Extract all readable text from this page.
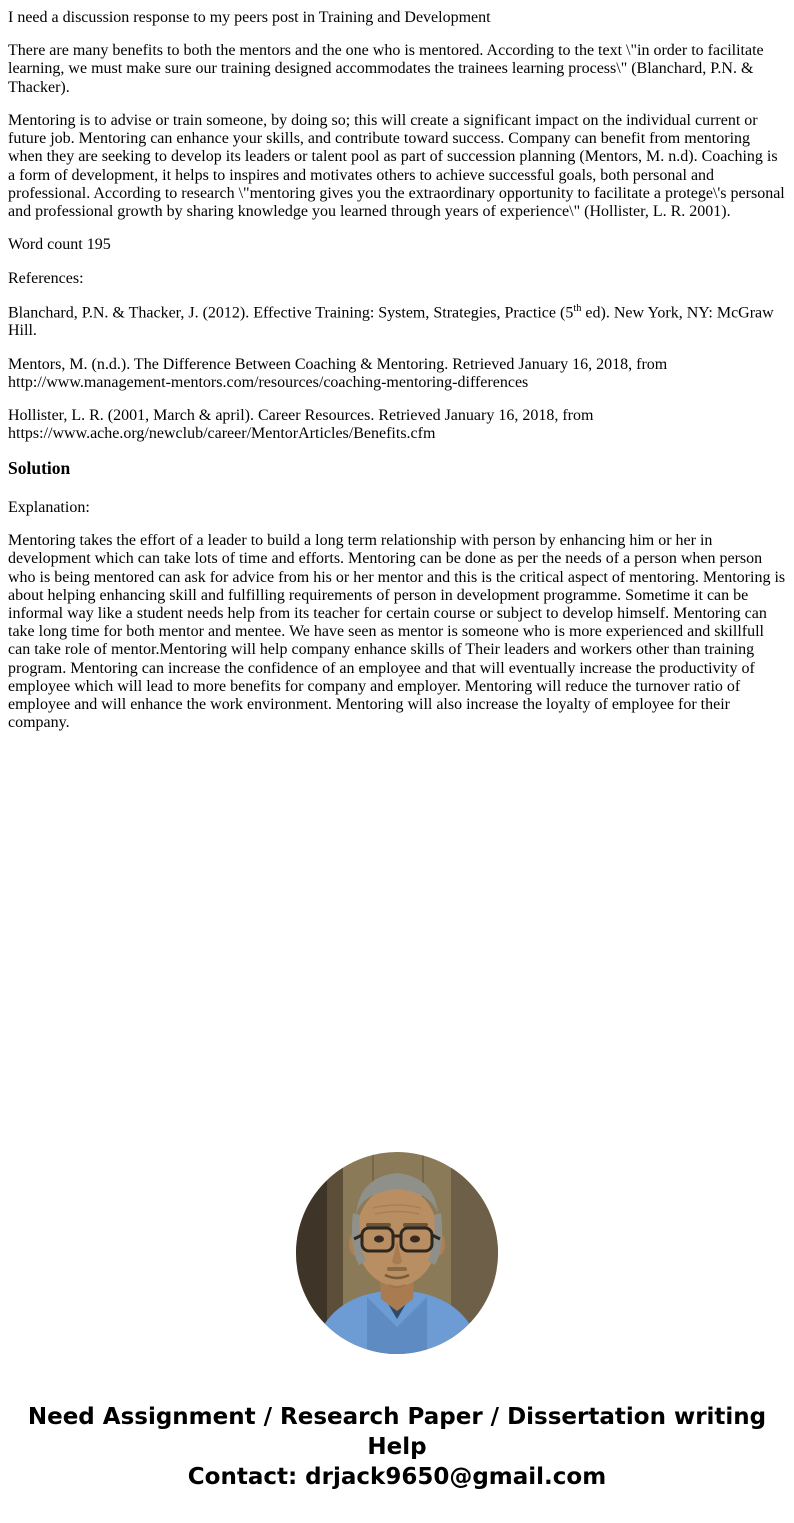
I need a discussion response to my peers post in Training and Development

There are many benefits to both the mentors and the one who is mentored. According to the text \"in order to facilitate learning, we must make sure our training designed accommodates the trainees learning process\" (Blanchard, P.N. & Thacker).

Mentoring is to advise or train someone, by doing so; this will create a significant impact on the individual current or future job. Mentoring can enhance your skills, and contribute toward success. Company can benefit from mentoring when they are seeking to develop its leaders or talent pool as part of succession planning (Mentors, M. n.d). Coaching is a form of development, it helps to inspires and motivates others to achieve successful goals, both personal and professional. According to research \"mentoring gives you the extraordinary opportunity to facilitate a protege\'s personal and professional growth by sharing knowledge you learned through years of experience\" (Hollister, L. R. 2001).

Word count 195

References:

Blanchard, P.N. & Thacker, J. (2012). Effective Training: System, Strategies, Practice (5th ed). New York, NY: McGraw Hill.

Mentors, M. (n.d.). The Difference Between Coaching & Mentoring. Retrieved January 16, 2018, from http://www.management-mentors.com/resources/coaching-mentoring-differences

Hollister, L. R. (2001, March & april). Career Resources. Retrieved January 16, 2018, from https://www.ache.org/newclub/career/MentorArticles/Benefits.cfm

Solution

Explanation:

Mentoring takes the effort of a leader to build a long term relationship with person by enhancing him or her in development which can take lots of time and efforts. Mentoring can be done as per the needs of a person when person who is being mentored can ask for advice from his or her mentor and this is the critical aspect of mentoring. Mentoring is about helping enhancing skill and fulfilling requirements of person in development programme. Sometime it can be informal way like a student needs help from its teacher for certain course or subject to develop himself. Mentoring can take long time for both mentor and mentee. We have seen as mentor is someone who is more experienced and skillfull can take role of mentor.Mentoring will help company enhance skills of Their leaders and workers other than training program. Mentoring can increase the confidence of an employee and that will eventually increase the productivity of employee which will lead to more benefits for company and employer. Mentoring will reduce the turnover ratio of employee and will enhance the work environment. Mentoring will also increase the loyalty of employee for their company.

Need Assignment / Research Paper / Dissertation writing Help
Contact: drjack9650@gmail.com
